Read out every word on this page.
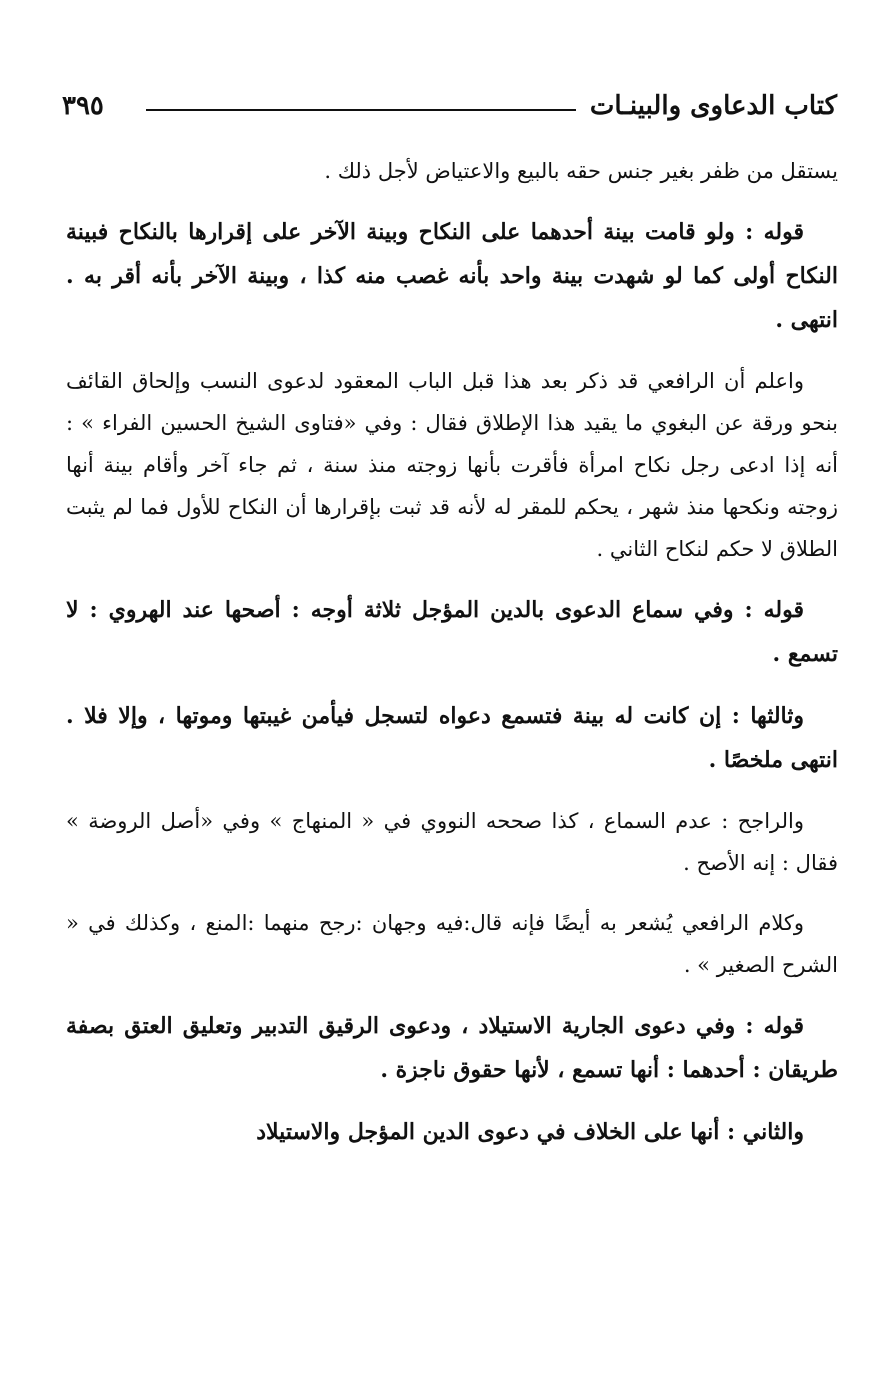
٣٩٥	كتاب الدعاوى والبينـات

يستقل من ظفر بغير جنس حقه بالبيع والاعتياض لأجل ذلك .

قوله : ولو قامت بينة أحدهما على النكاح وبينة الآخر على إقرارها بالنكاح فبينة النكاح أولى كما لو شهدت بينة واحد بأنه غصب منه كذا ، وبينة الآخر بأنه أقر به . انتهى .

واعلم أن الرافعي قد ذكر بعد هذا قبل الباب المعقود لدعوى النسب وإلحاق القائف بنحو ورقة عن البغوي ما يقيد هذا الإطلاق فقال : وفي «فتاوى الشيخ الحسين الفراء » : أنه إذا ادعى رجل نكاح امرأة فأقرت بأنها زوجته منذ سنة ، ثم جاء آخر وأقام بينة أنها زوجته ونكحها منذ شهر ، يحكم للمقر له لأنه قد ثبت بإقرارها أن النكاح للأول فما لم يثبت الطلاق لا حكم لنكاح الثاني .

قوله : وفي سماع الدعوى بالدين المؤجل ثلاثة أوجه : أصحها عند الهروي : لا تسمع .

وثالثها : إن كانت له بينة فتسمع دعواه لتسجل فيأمن غيبتها وموتها ، وإلا فلا . انتهى ملخصًا .

والراجح : عدم السماع ، كذا صححه النووي في « المنهاج » وفي «أصل الروضة » فقال : إنه الأصح .

وكلام الرافعي يُشعر به أيضًا فإنه قال:فيه وجهان :رجح منهما :المنع ، وكذلك في « الشرح الصغير » .

قوله : وفي دعوى الجارية الاستيلاد ، ودعوى الرقيق التدبير وتعليق العتق بصفة طريقان : أحدهما : أنها تسمع ، لأنها حقوق ناجزة .

والثاني : أنها على الخلاف في دعوى الدين المؤجل والاستيلاد
